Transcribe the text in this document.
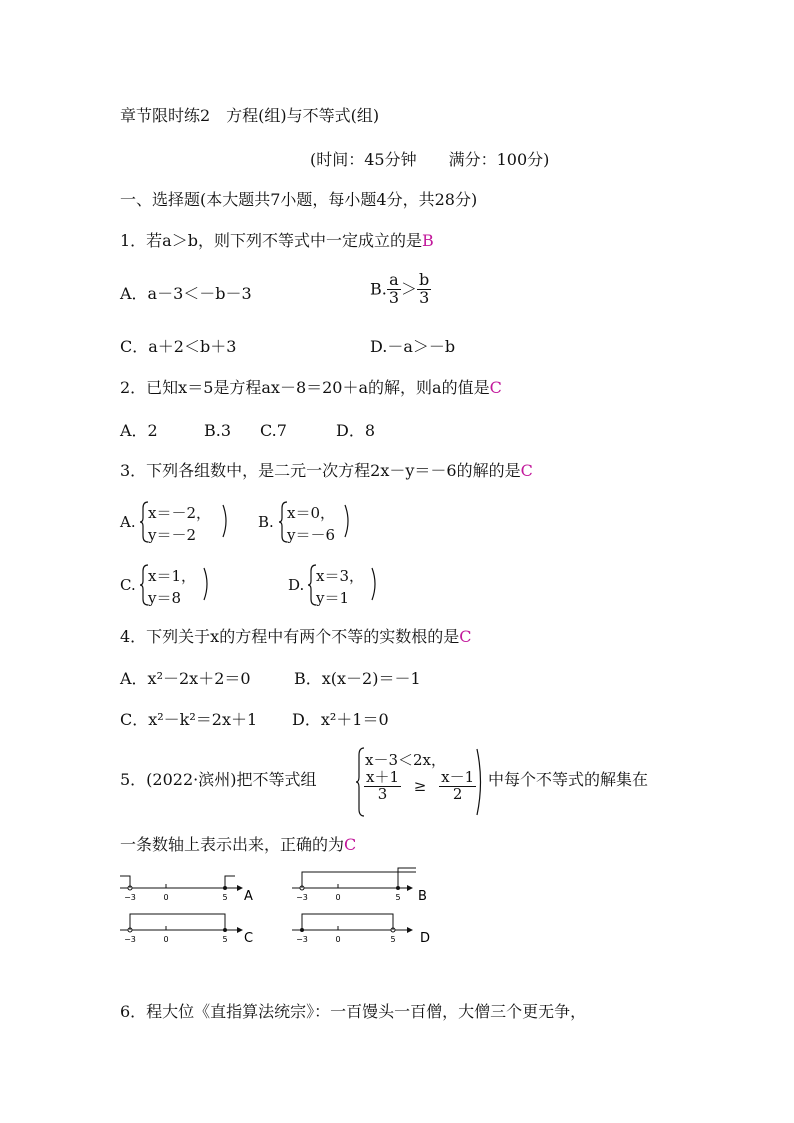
章节限时练2　方程(组)与不等式(组)
(时间：45分钟　　满分：100分)
一、选择题(本大题共7小题，每小题4分，共28分)
1．若a＞b，则下列不等式中一定成立的是B
A．a－3＜－b－3	B. $\frac{a}{3} > \frac{b}{3}$
C．a＋2＜b＋3	D.－a＞－b
2．已知x＝5是方程ax－8＝20＋a的解，则a的值是C
A．2	B.3 C.7	D．8
3．下列各组数中，是二元一次方程2x－y＝－6的解的是C
A. x＝－2，
y＝－2
B. x＝0，
y＝－6
C. x＝1，
y＝8
D. x＝3，
y＝1
4．下列关于x的方程中有两个不等的实数根的是C
A．x²－2x＋2＝0	B．x(x－2)＝－1
C．x²－k²＝2x＋1 D．x²＋1＝0
5．(2022·滨州)把不等式组
x－3＜2x，
$\frac{x+1}{3} \ge \frac{x-1}{2}$ 中每个不等式的解集在
一条数轴上表示出来，正确的为C
−3	0	5 A	−3	0	5 B
−3	0	5 C	−3	0	5 D
6．程大位《直指算法统宗》：一百馒头一百僧，大僧三个更无争，
